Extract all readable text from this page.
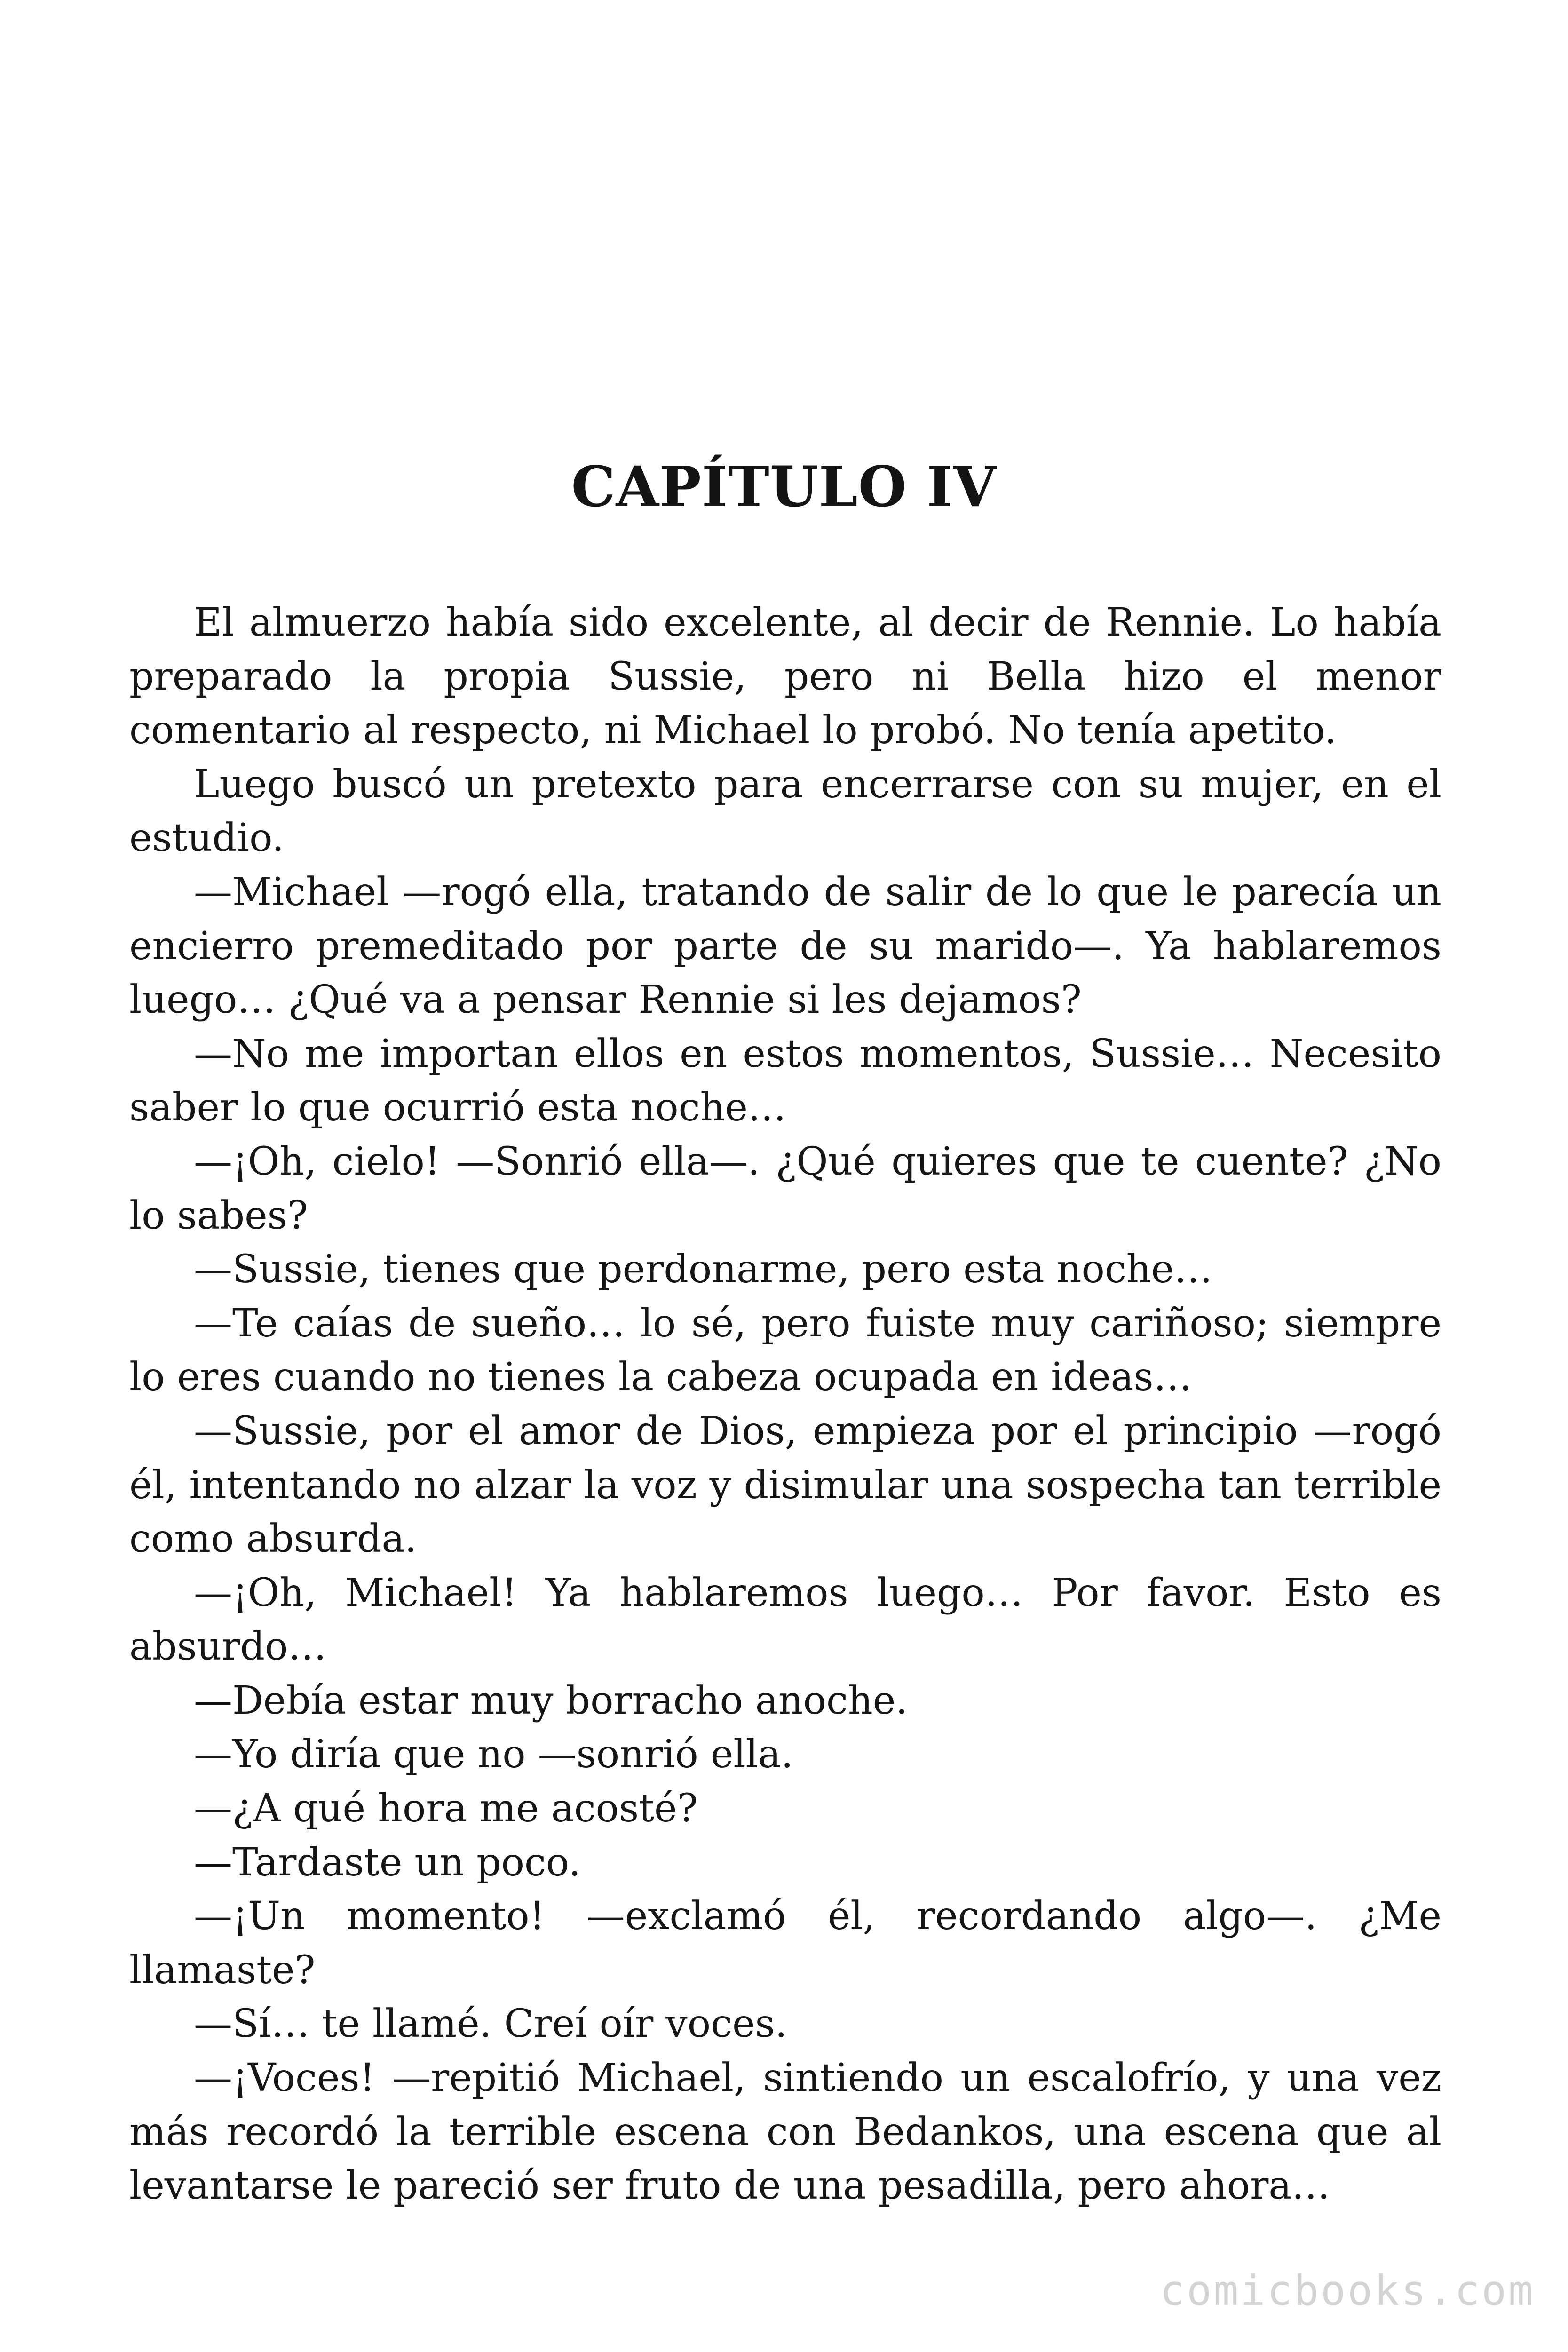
CAPÍTULO IV

El almuerzo había sido excelente, al decir de Rennie. Lo había preparado la propia Sussie, pero ni Bella hizo el menor comentario al respecto, ni Michael lo probó. No tenía apetito.

Luego buscó un pretexto para encerrarse con su mujer, en el estudio.

—Michael —rogó ella, tratando de salir de lo que le parecía un encierro premeditado por parte de su marido—. Ya hablaremos luego… ¿Qué va a pensar Rennie si les dejamos?

—No me importan ellos en estos momentos, Sussie… Necesito saber lo que ocurrió esta noche…

—¡Oh, cielo! —Sonrió ella—. ¿Qué quieres que te cuente? ¿No lo sabes?

—Sussie, tienes que perdonarme, pero esta noche…

—Te caías de sueño… lo sé, pero fuiste muy cariñoso; siempre lo eres cuando no tienes la cabeza ocupada en ideas…

—Sussie, por el amor de Dios, empieza por el principio —rogó él, intentando no alzar la voz y disimular una sospecha tan terrible como absurda.

—¡Oh, Michael! Ya hablaremos luego… Por favor. Esto es absurdo…

—Debía estar muy borracho anoche.

—Yo diría que no —sonrió ella.

—¿A qué hora me acosté?

—Tardaste un poco.

—¡Un momento! —exclamó él, recordando algo—. ¿Me llamaste?

—Sí… te llamé. Creí oír voces.

—¡Voces! —repitió Michael, sintiendo un escalofrío, y una vez más recordó la terrible escena con Bedankos, una escena que al levantarse le pareció ser fruto de una pesadilla, pero ahora…

comicbooks.com
